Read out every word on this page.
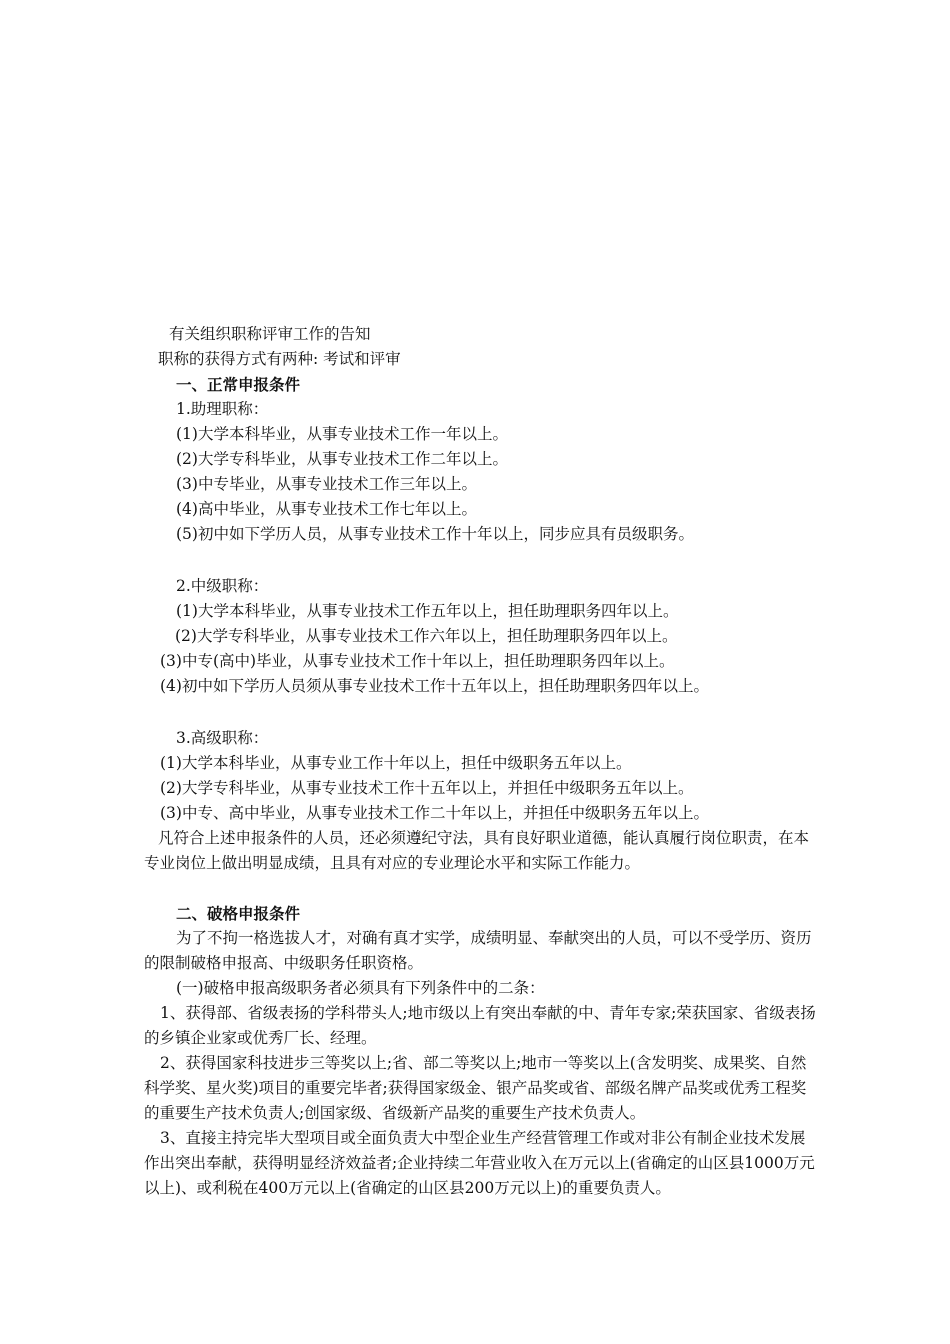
有关组织职称评审工作的告知
职称的获得方式有两种: 考试和评审
一、正常申报条件
1.助理职称：
(1)大学本科毕业，从事专业技术工作一年以上。
(2)大学专科毕业，从事专业技术工作二年以上。
(3)中专毕业，从事专业技术工作三年以上。
(4)高中毕业，从事专业技术工作七年以上。
(5)初中如下学历人员，从事专业技术工作十年以上，同步应具有员级职务。
2.中级职称：
(1)大学本科毕业，从事专业技术工作五年以上，担任助理职务四年以上。
(2)大学专科毕业，从事专业技术工作六年以上，担任助理职务四年以上。
(3)中专(高中)毕业，从事专业技术工作十年以上，担任助理职务四年以上。
(4)初中如下学历人员须从事专业技术工作十五年以上，担任助理职务四年以上。
3.高级职称：
(1)大学本科毕业，从事专业工作十年以上，担任中级职务五年以上。
(2)大学专科毕业，从事专业技术工作十五年以上，并担任中级职务五年以上。
(3)中专、高中毕业，从事专业技术工作二十年以上，并担任中级职务五年以上。
凡符合上述申报条件的人员，还必须遵纪守法，具有良好职业道德，能认真履行岗位职责，在本专业岗位上做出明显成绩，且具有对应的专业理论水平和实际工作能力。
二、破格申报条件
为了不拘一格选拔人才，对确有真才实学，成绩明显、奉献突出的人员，可以不受学历、资历的限制破格申报高、中级职务任职资格。
(一)破格申报高级职务者必须具有下列条件中的二条：
1、获得部、省级表扬的学科带头人;地市级以上有突出奉献的中、青年专家;荣获国家、省级表扬的乡镇企业家或优秀厂长、经理。
2、获得国家科技进步三等奖以上;省、部二等奖以上;地市一等奖以上(含发明奖、成果奖、自然科学奖、星火奖)项目的重要完毕者;获得国家级金、银产品奖或省、部级名牌产品奖或优秀工程奖的重要生产技术负责人;创国家级、省级新产品奖的重要生产技术负责人。
3、直接主持完毕大型项目或全面负责大中型企业生产经营管理工作或对非公有制企业技术发展作出突出奉献，获得明显经济效益者;企业持续二年营业收入在万元以上(省确定的山区县1000万元以上)、或利税在400万元以上(省确定的山区县200万元以上)的重要负责人。
